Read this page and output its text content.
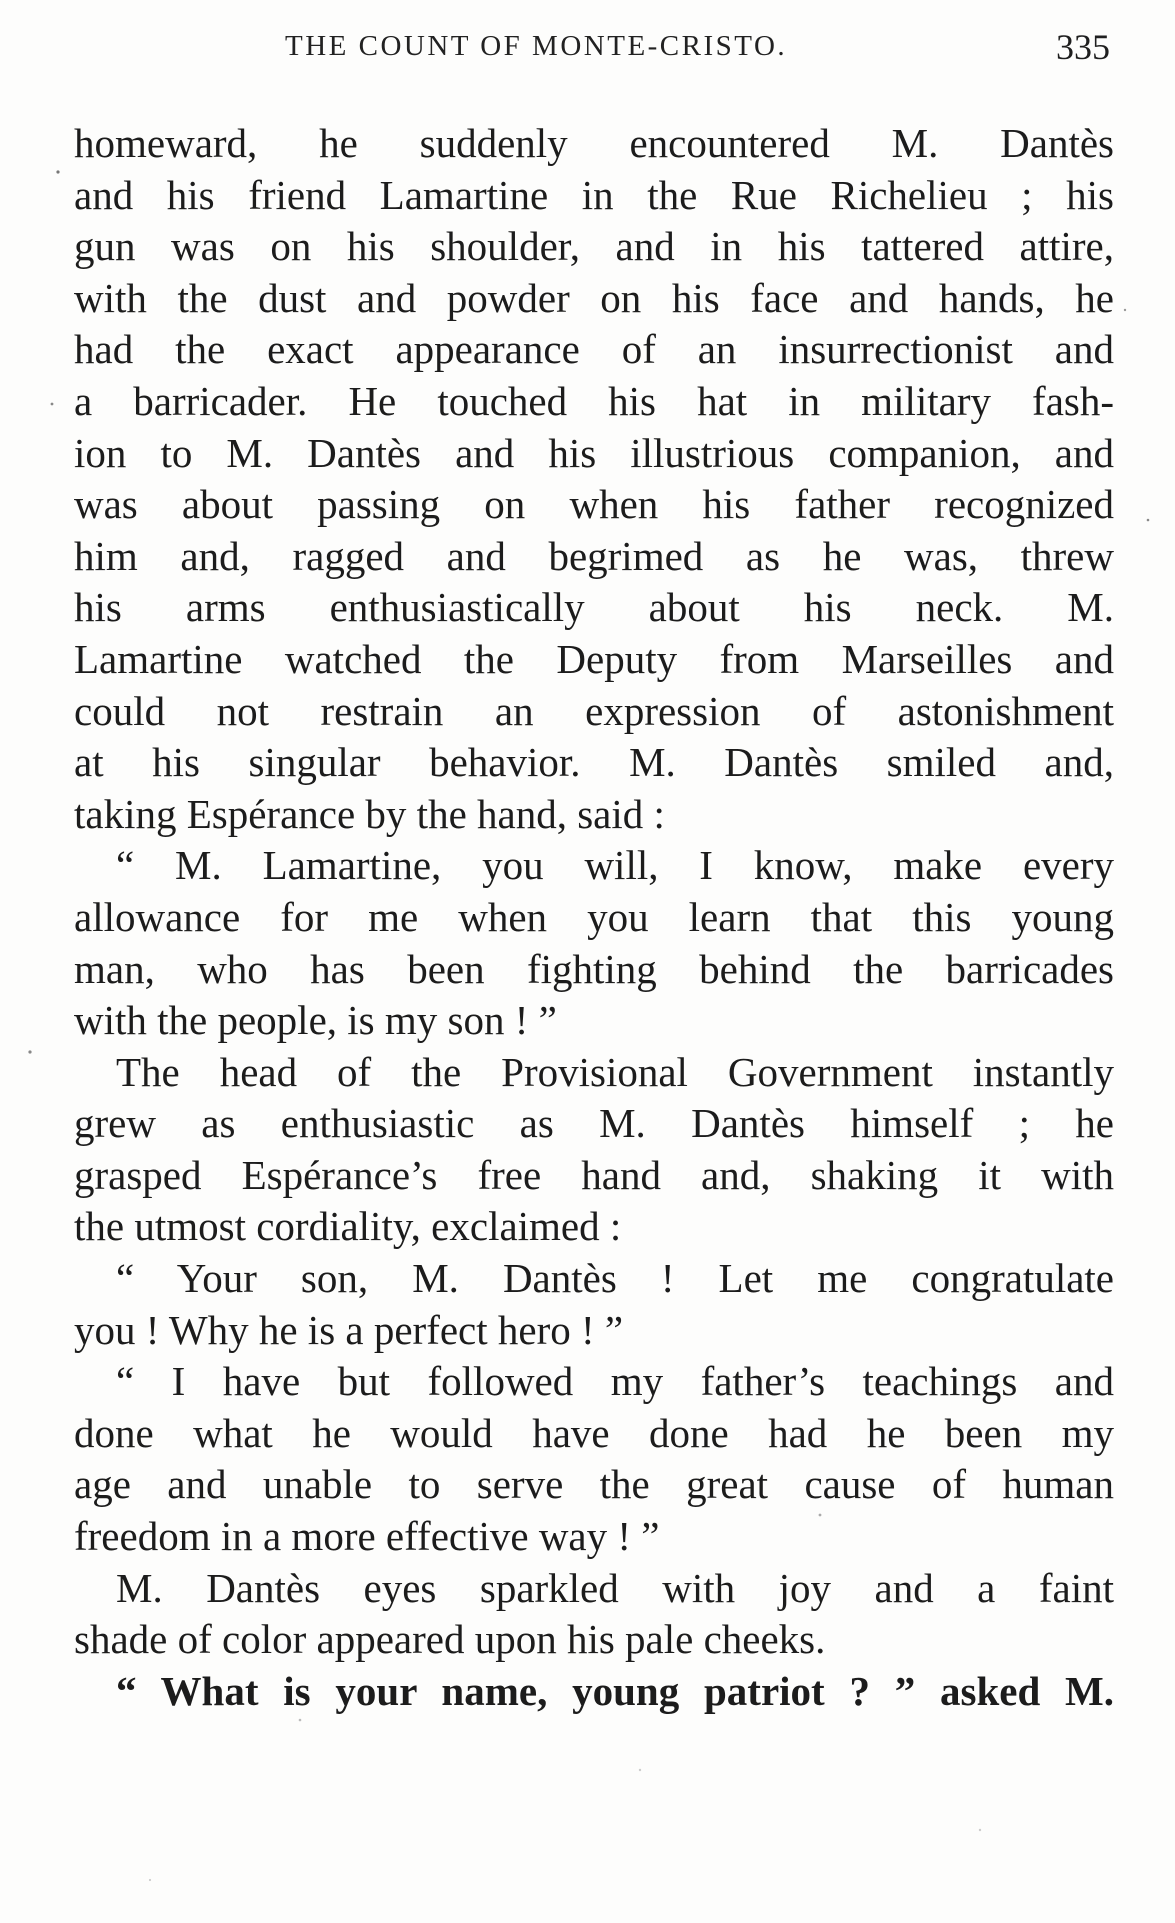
THE COUNT OF MONTE-CRISTO.	335
homeward, he suddenly encountered M. Dantès
and his friend Lamartine in the Rue Richelieu ; his
gun was on his shoulder, and in his tattered attire,
with the dust and powder on his face and hands, he
had the exact appearance of an insurrectionist and
a barricader. He touched his hat in military fash-
ion to M. Dantès and his illustrious companion, and
was about passing on when his father recognized
him and, ragged and begrimed as he was, threw
his arms enthusiastically about his neck. M.
Lamartine watched the Deputy from Marseilles and
could not restrain an expression of astonishment
at his singular behavior. M. Dantès smiled and,
taking Espérance by the hand, said :
“ M. Lamartine, you will, I know, make every
allowance for me when you learn that this young
man, who has been fighting behind the barricades
with the people, is my son ! ”
The head of the Provisional Government instantly
grew as enthusiastic as M. Dantès himself ; he
grasped Espérance’s free hand and, shaking it with
the utmost cordiality, exclaimed :
“ Your son, M. Dantès ! Let me congratulate
you ! Why he is a perfect hero ! ”
“ I have but followed my father’s teachings and
done what he would have done had he been my
age and unable to serve the great cause of human
freedom in a more effective way ! ”
M. Dantès eyes sparkled with joy and a faint
shade of color appeared upon his pale cheeks.
“ What is your name, young patriot ? ” asked M.
